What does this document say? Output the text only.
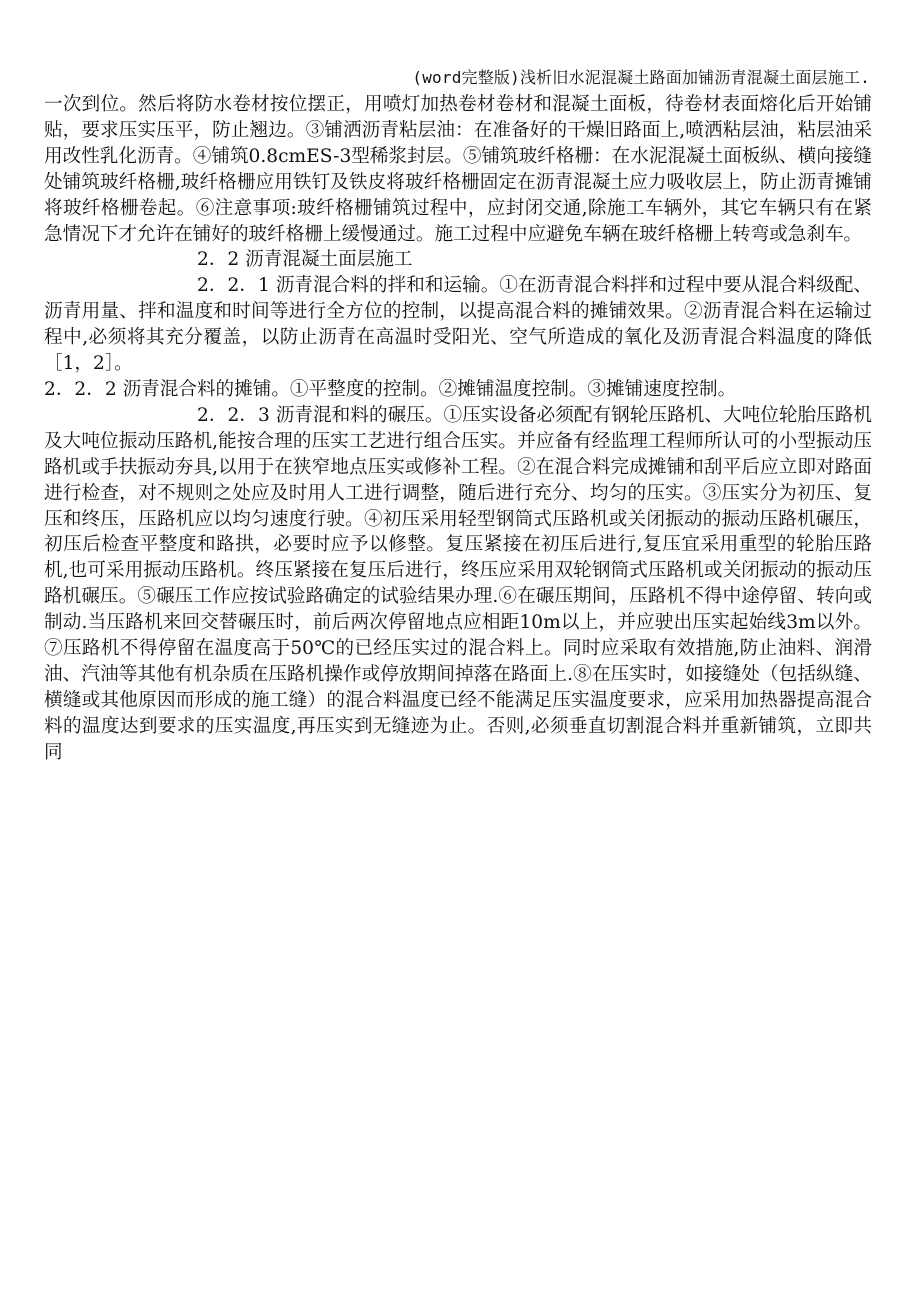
(word完整版)浅析旧水泥混凝土路面加铺沥青混凝土面层施工.

一次到位。然后将防水卷材按位摆正，用喷灯加热卷材卷材和混凝土面板，待卷材表面熔化后开始铺贴，要求压实压平，防止翘边。③铺洒沥青粘层油：在准备好的干燥旧路面上,喷洒粘层油，粘层油采用改性乳化沥青。④铺筑0.8cmES-3型稀浆封层。⑤铺筑玻纤格栅：在水泥混凝土面板纵、横向接缝处铺筑玻纤格栅,玻纤格栅应用铁钉及铁皮将玻纤格栅固定在沥青混凝土应力吸收层上，防止沥青摊铺将玻纤格栅卷起。⑥注意事项:玻纤格栅铺筑过程中，应封闭交通,除施工车辆外，其它车辆只有在紧急情况下才允许在铺好的玻纤格栅上缓慢通过。施工过程中应避免车辆在玻纤格栅上转弯或急刹车。

2．2 沥青混凝土面层施工

2．2．1 沥青混合料的拌和和运输。①在沥青混合料拌和过程中要从混合料级配、沥青用量、拌和温度和时间等进行全方位的控制，以提高混合料的摊铺效果。②沥青混合料在运输过程中,必须将其充分覆盖，以防止沥青在高温时受阳光、空气所造成的氧化及沥青混合料温度的降低［1，2］。

2．2．2 沥青混合料的摊铺。①平整度的控制。②摊铺温度控制。③摊铺速度控制。

2．2．3 沥青混和料的碾压。①压实设备必须配有钢轮压路机、大吨位轮胎压路机及大吨位振动压路机,能按合理的压实工艺进行组合压实。并应备有经监理工程师所认可的小型振动压路机或手扶振动夯具,以用于在狭窄地点压实或修补工程。②在混合料完成摊铺和刮平后应立即对路面进行检查，对不规则之处应及时用人工进行调整，随后进行充分、均匀的压实。③压实分为初压、复压和终压，压路机应以均匀速度行驶。④初压采用轻型钢筒式压路机或关闭振动的振动压路机碾压，初压后检查平整度和路拱，必要时应予以修整。复压紧接在初压后进行,复压宜采用重型的轮胎压路机,也可采用振动压路机。终压紧接在复压后进行，终压应采用双轮钢筒式压路机或关闭振动的振动压路机碾压。⑤碾压工作应按试验路确定的试验结果办理.⑥在碾压期间，压路机不得中途停留、转向或制动.当压路机来回交替碾压时，前后两次停留地点应相距10m以上，并应驶出压实起始线3m以外。⑦压路机不得停留在温度高于50℃的已经压实过的混合料上。同时应采取有效措施,防止油料、润滑油、汽油等其他有机杂质在压路机操作或停放期间掉落在路面上.⑧在压实时，如接缝处（包括纵缝、横缝或其他原因而形成的施工缝）的混合料温度已经不能满足压实温度要求，应采用加热器提高混合料的温度达到要求的压实温度,再压实到无缝迹为止。否则,必须垂直切割混合料并重新铺筑，立即共同
